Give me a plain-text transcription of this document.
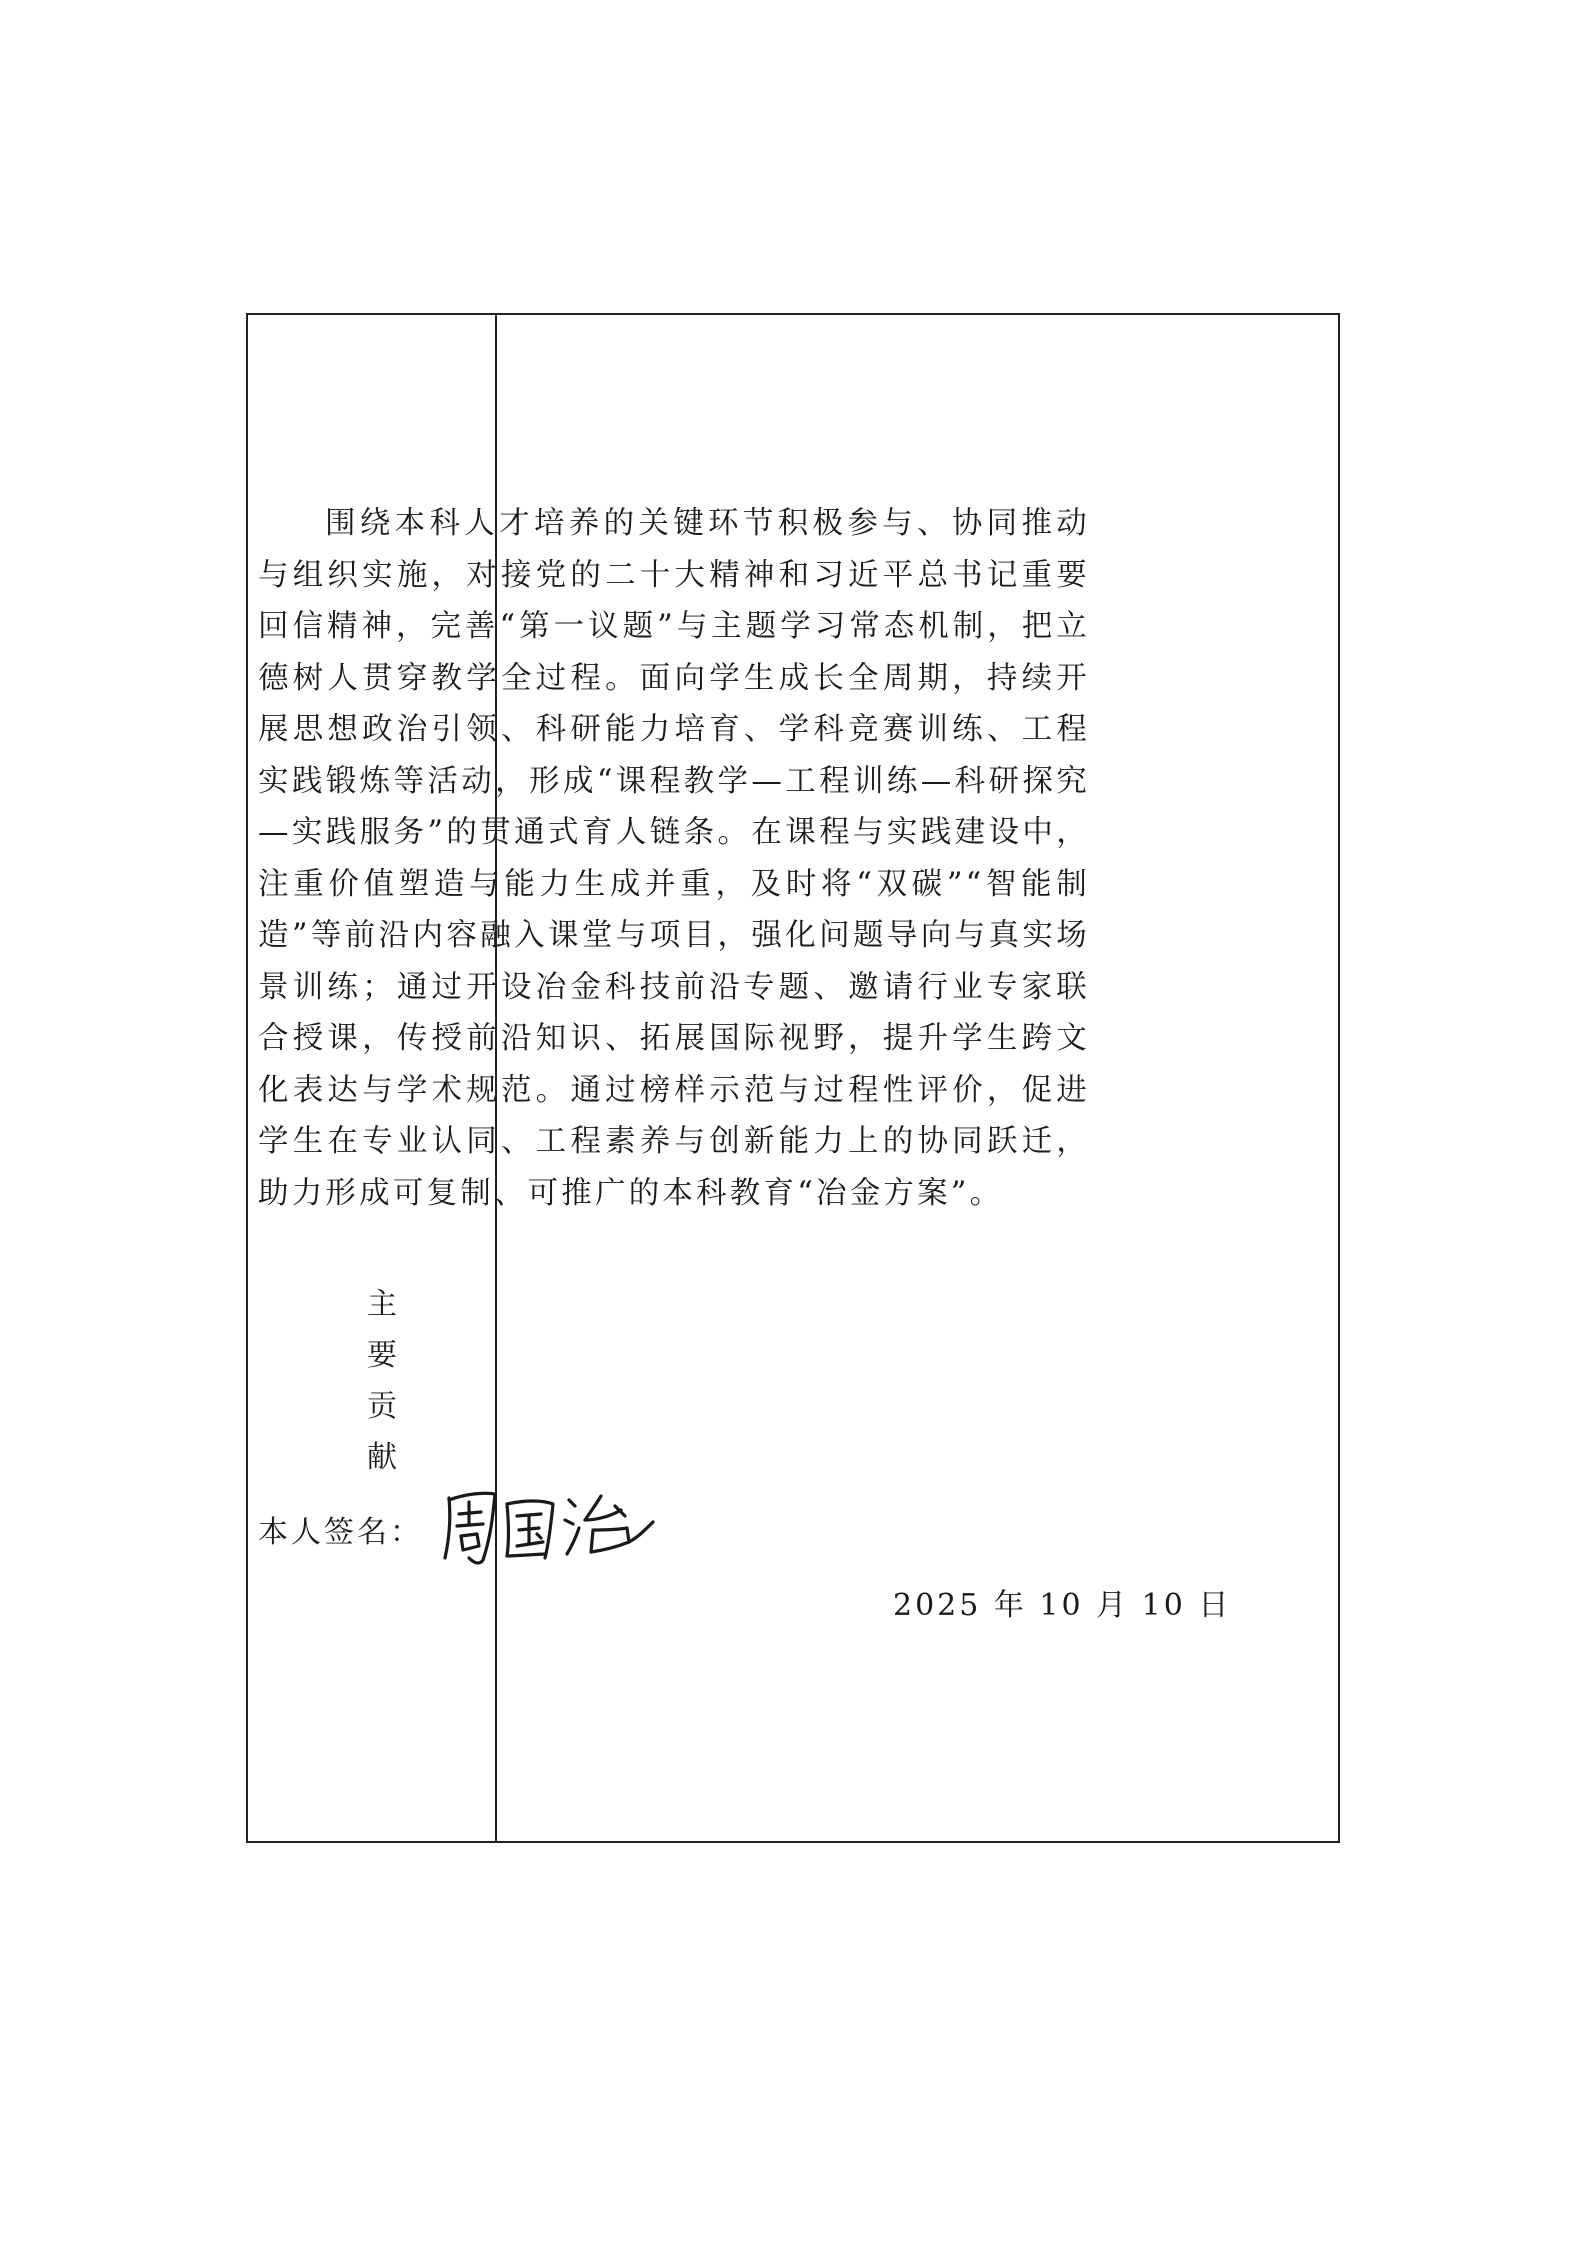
主要贡献

围绕本科人才培养的关键环节积极参与、协同推动与组织实施，对接党的二十大精神和习近平总书记重要回信精神，完善“第一议题”与主题学习常态机制，把立德树人贯穿教学全过程。面向学生成长全周期，持续开展思想政治引领、科研能力培育、学科竞赛训练、工程实践锻炼等活动，形成“课程教学—工程训练—科研探究—实践服务”的贯通式育人链条。在课程与实践建设中，注重价值塑造与能力生成并重，及时将“双碳”“智能制造”等前沿内容融入课堂与项目，强化问题导向与真实场景训练；通过开设冶金科技前沿专题、邀请行业专家联合授课，传授前沿知识、拓展国际视野，提升学生跨文化表达与学术规范。通过榜样示范与过程性评价，促进学生在专业认同、工程素养与创新能力上的协同跃迁，助力形成可复制、可推广的本科教育“冶金方案”。

本人签名：
2025 年 10 月 10 日
